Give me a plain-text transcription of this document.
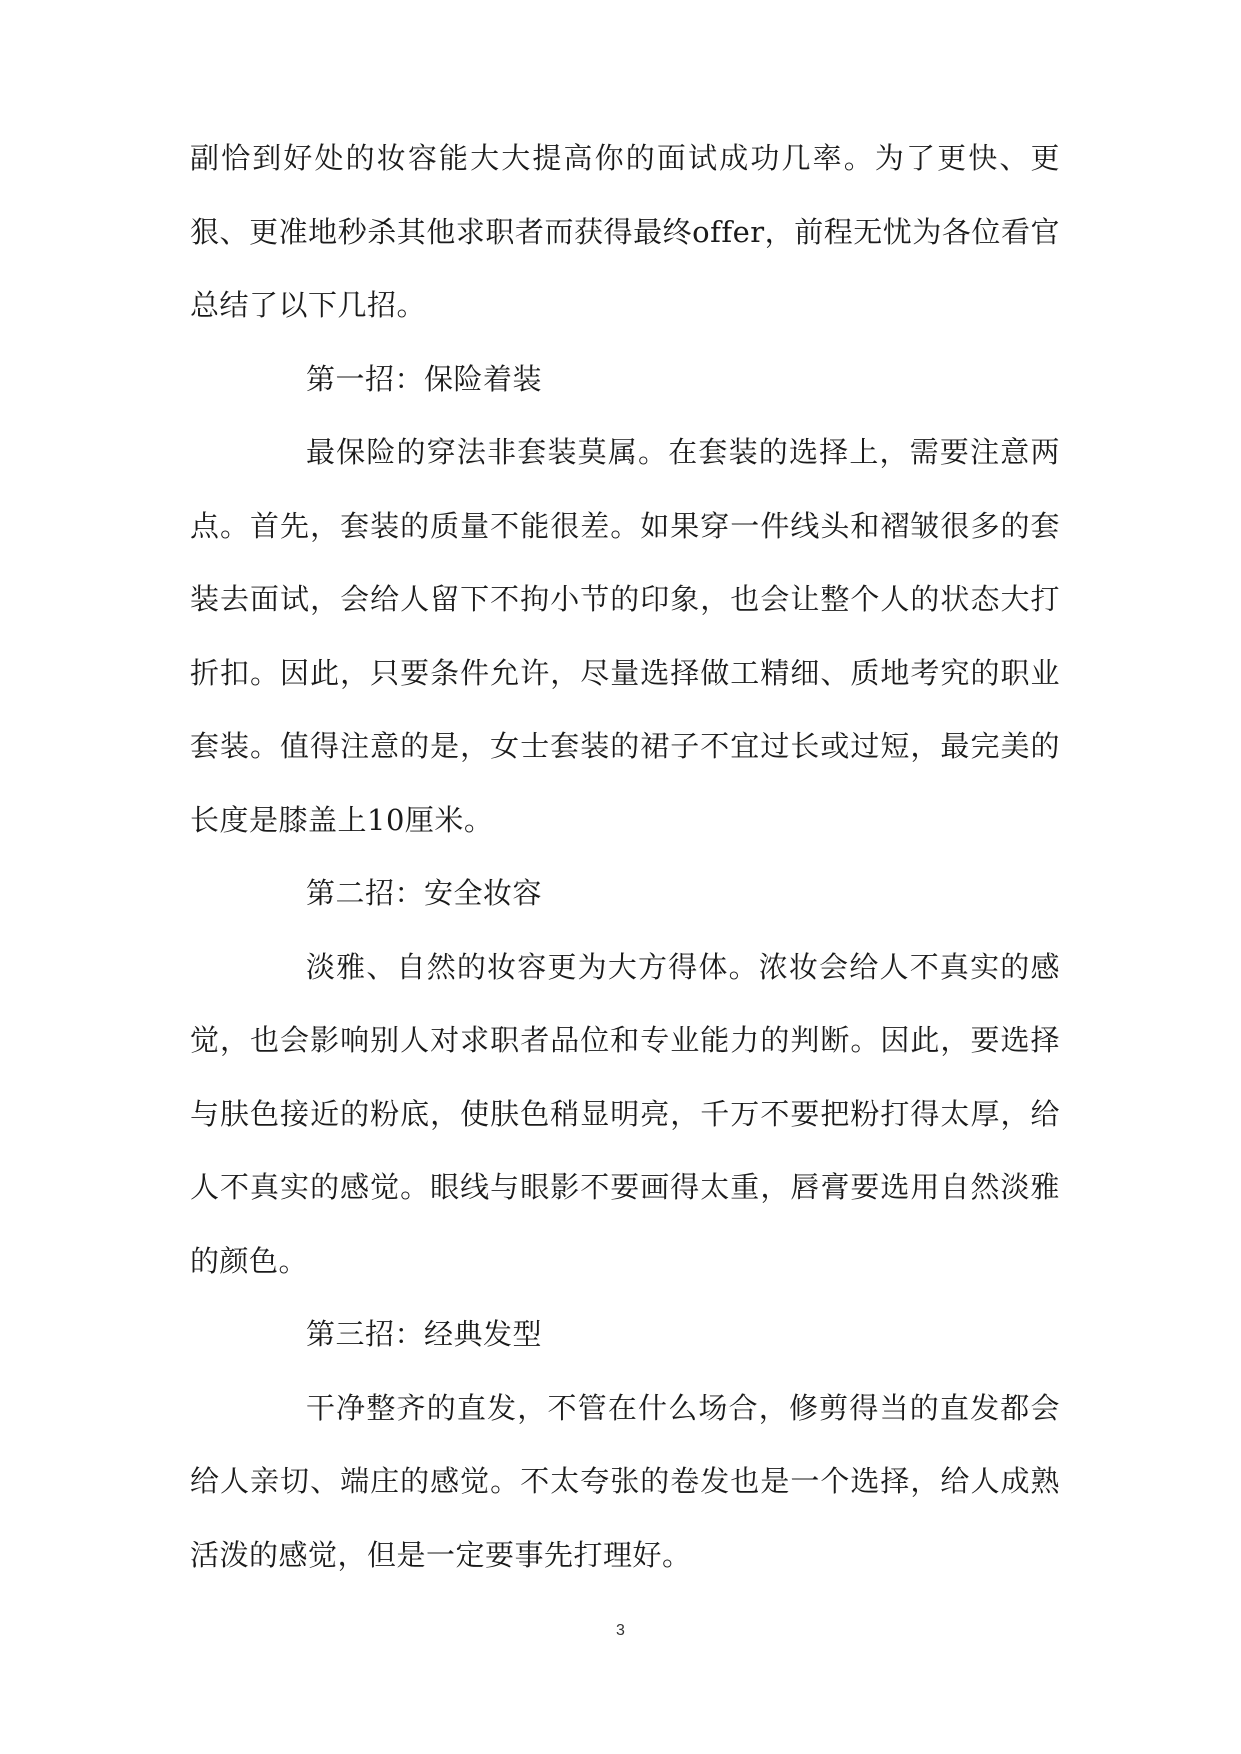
副恰到好处的妆容能大大提高你的面试成功几率。为了更快、更狠、更准地秒杀其他求职者而获得最终offer，前程无忧为各位看官总结了以下几招。

第一招：保险着装

最保险的穿法非套装莫属。在套装的选择上，需要注意两点。首先，套装的质量不能很差。如果穿一件线头和褶皱很多的套装去面试，会给人留下不拘小节的印象，也会让整个人的状态大打折扣。因此，只要条件允许，尽量选择做工精细、质地考究的职业套装。值得注意的是，女士套装的裙子不宜过长或过短，最完美的长度是膝盖上10厘米。

第二招：安全妆容

淡雅、自然的妆容更为大方得体。浓妆会给人不真实的感觉，也会影响别人对求职者品位和专业能力的判断。因此，要选择与肤色接近的粉底，使肤色稍显明亮，千万不要把粉打得太厚，给人不真实的感觉。眼线与眼影不要画得太重，唇膏要选用自然淡雅的颜色。

第三招：经典发型

干净整齐的直发，不管在什么场合，修剪得当的直发都会给人亲切、端庄的感觉。不太夸张的卷发也是一个选择，给人成熟活泼的感觉，但是一定要事先打理好。

3
